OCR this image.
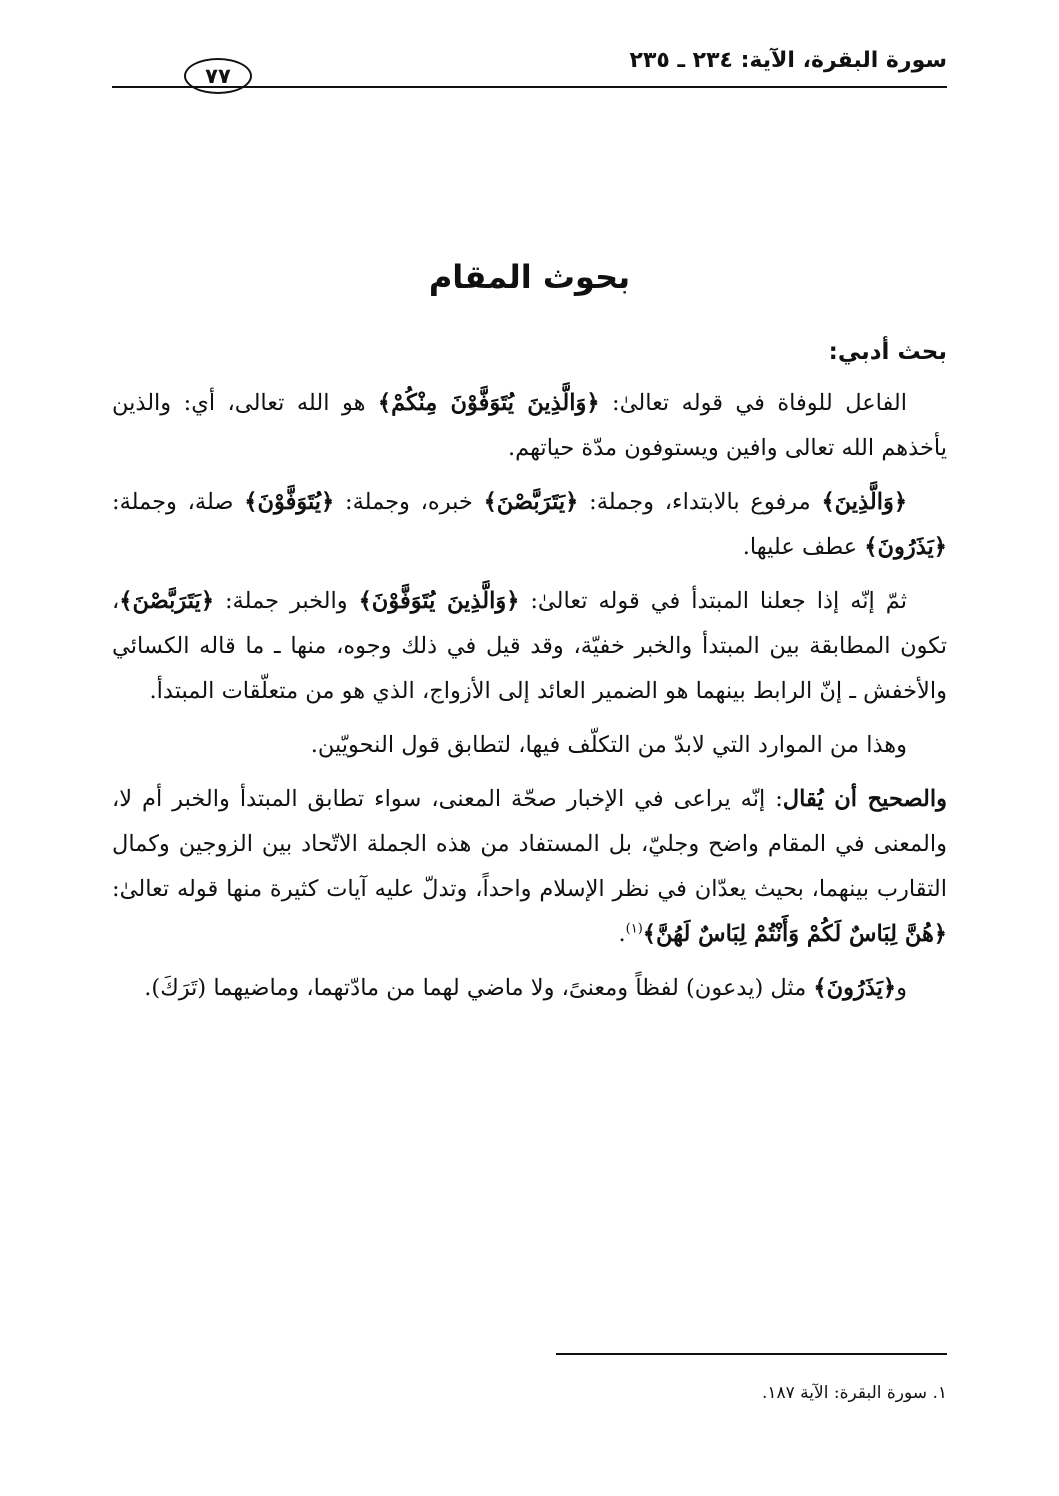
سورة البقرة، الآية: ٢٣٤ ـ ٢٣٥
٧٧
بحوث المقام
بحث أدبي:

الفاعل للوفاة في قوله تعالىٰ: ﴿وَالَّذِينَ يُتَوَفَّوْنَ مِنْكُمْ﴾ هو الله تعالى، أي: والذين يأخذهم الله تعالى وافين ويستوفون مدّة حياتهم.

﴿وَالَّذِينَ﴾ مرفوع بالابتداء، وجملة: ﴿يَتَرَبَّصْنَ﴾ خبره، وجملة: ﴿يُتَوَفَّوْنَ﴾ صلة، وجملة: ﴿يَذَرُونَ﴾ عطف عليها.

ثمّ إنّه إذا جعلنا المبتدأ في قوله تعالىٰ: ﴿وَالَّذِينَ يُتَوَفَّوْنَ﴾ والخبر جملة: ﴿يَتَرَبَّصْنَ﴾، تكون المطابقة بين المبتدأ والخبر خفيّة، وقد قيل في ذلك وجوه، منها ـ ما قاله الكسائي والأخفش ـ إنّ الرابط بينهما هو الضمير العائد إلى الأزواج، الذي هو من متعلّقات المبتدأ.

وهذا من الموارد التي لابدّ من التكلّف فيها، لتطابق قول النحويّين.

والصحيح أن يُقال: إنّه يراعى في الإخبار صحّة المعنى، سواء تطابق المبتدأ والخبر أم لا، والمعنى في المقام واضح وجليّ، بل المستفاد من هذه الجملة الاتّحاد بين الزوجين وكمال التقارب بينهما، بحيث يعدّان في نظر الإسلام واحداً، وتدلّ عليه آيات كثيرة منها قوله تعالىٰ: ﴿هُنَّ لِبَاسٌ لَكُمْ وَأَنْتُمْ لِبَاسٌ لَهُنَّ﴾$^{(١)}$.

و﴿يَذَرُونَ﴾ مثل (يدعون) لفظاً ومعنىً، ولا ماضي لهما من مادّتهما، وماضيهما (تَرَكَ).

١. سورة البقرة: الآية ١٨٧.
